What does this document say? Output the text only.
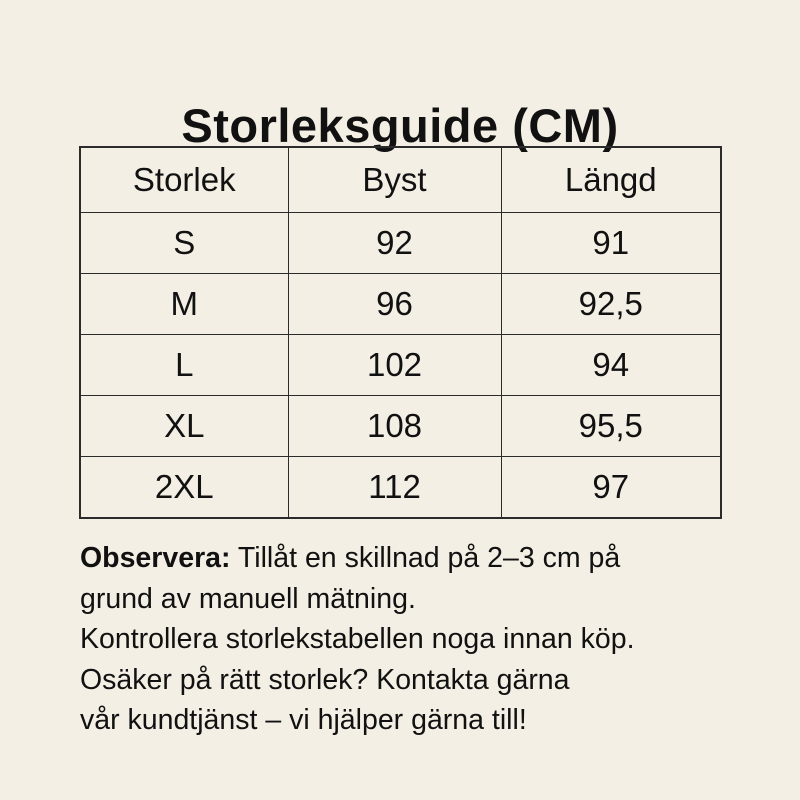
Storleksguide (CM)
Storlek	Byst	Längd
S	92	91
M	96	92,5
L	102	94
XL	108	95,5
2XL	112	97
Observera: Tillåt en skillnad på 2–3 cm på
grund av manuell mätning.
Kontrollera storlekstabellen noga innan köp.
Osäker på rätt storlek? Kontakta gärna
vår kundtjänst – vi hjälper gärna till!
